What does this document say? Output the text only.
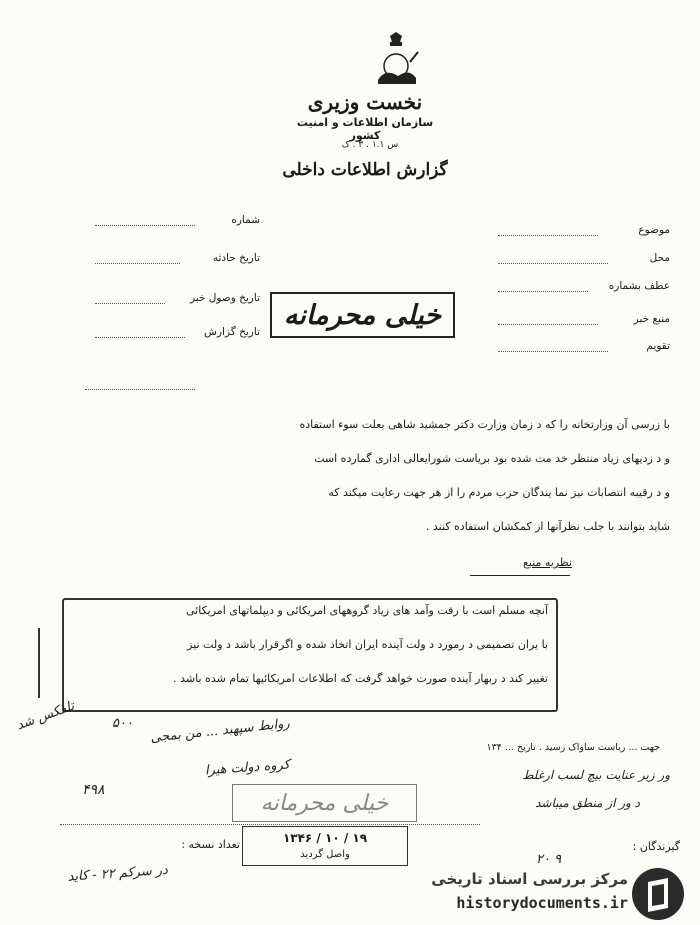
نخست وزیری
سازمان اطلاعات و امنیت کشور
س ۱.۱ . ۳ . ک
گزارش اطلاعات داخلی
موضوع
محل
عطف بشماره
منبع خبر
تقویم
شماره
تاریخ حادثه
تاریخ وصول خبر
تاریخ گزارش
خیلی محرمانه
با زرسی آن وزارتخانه را که د زمان وزارت دکتر جمشید شاهی بعلت سوء استفاده
و د زدیهای زیاد منتظر خد مت شده بود بریاست شورایعالی اداری گمارده است
و د رقیبه انتصابات نیز نما یندگان حزب مردم را از هر جهت رعایت میکند که
شاید بتوانند با جلب نظرآنها از کمکشان استفاده کنند .
نظریه منبع
آنچه مسلم است با رفت وآمد های زیاد گروههای امریکائی و دیپلماتهای امریکائی
با یران تصمیمی د رمورد د ولت آینده ایران اتخاذ شده و اگرقرار باشد د ولت نیز
تغییر کند د ربهار آینده صورت خواهد گرفت که اطلاعات امریکائیها تمام شده باشد .
تلفکس شد	۵۰۰	روابط سپهبد ... من بمجی
کروه دولت هیرا
۴۹۸
در سرکم ۲۲ - کاید
جهت ... ریاست ساواک رسید . تاریخ ... ۱۳۴
ور زیر عنایت بیچ لسب ارغلط
د ور از منطق میباشد
خیلی محرمانه
تعداد نسخه :	۱۳۴۶ / ۱۰ / ۱۹
واصل گردید
گیرندگان :
۲۰ ۹
مرکز بررسی اسناد تاریخی
historydocuments.ir
